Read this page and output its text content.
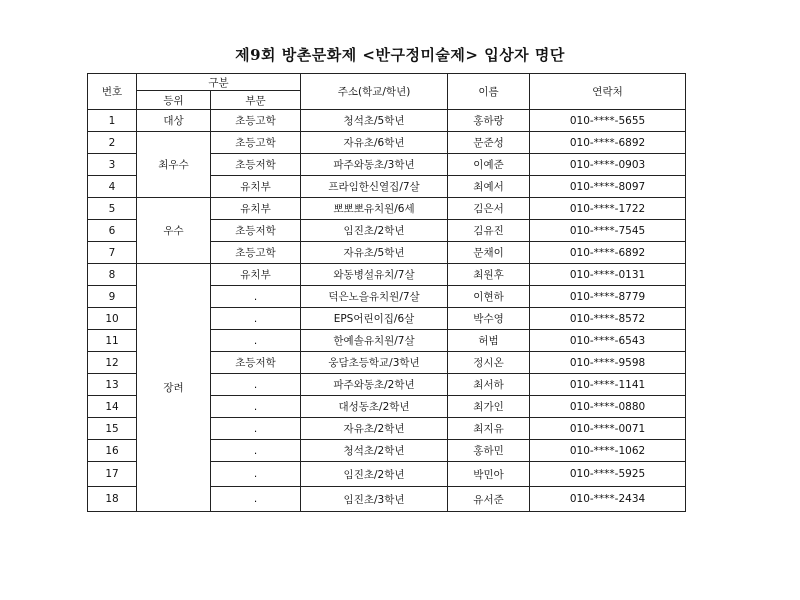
제9회 방촌문화제 <반구정미술제> 입상자 명단
번호	구분		주소(학교/학년)	이름	연락처
	등위	부문			
1	대상	초등고학	청석초/5학년	홍하랑	010-****-5655
2	최우수	초등고학	자유초/6학년	문준성	010-****-6892
3		초등저학	파주와동초/3학년	이예준	010-****-0903
4		유치부	프라임한신열집/7살	최예서	010-****-8097
5	우수	유치부	뽀뽀뽀유치원/6세	김은서	010-****-1722
6		초등저학	임진초/2학년	김유진	010-****-7545
7		초등고학	자유초/5학년	문채이	010-****-6892
8	장려	유치부	와동병설유치/7살	최원후	010-****-0131
9		.	덕은노을유치원/7살	이현하	010-****-8779
10		.	EPS어린이집/6살	박수영	010-****-8572
11		.	한예솔유치원/7살	허범	010-****-6543
12		초등저학	웅담초등학교/3학년	정시온	010-****-9598
13		.	파주와동초/2학년	최서하	010-****-1141
14		.	대성동초/2학년	최가인	010-****-0880
15		.	자유초/2학년	최지유	010-****-0071
16		.	청석초/2학년	홍하민	010-****-1062
17		.	임진초/2학년	박민아	010-****-5925
18		.	임진초/3학년	유서준	010-****-2434
